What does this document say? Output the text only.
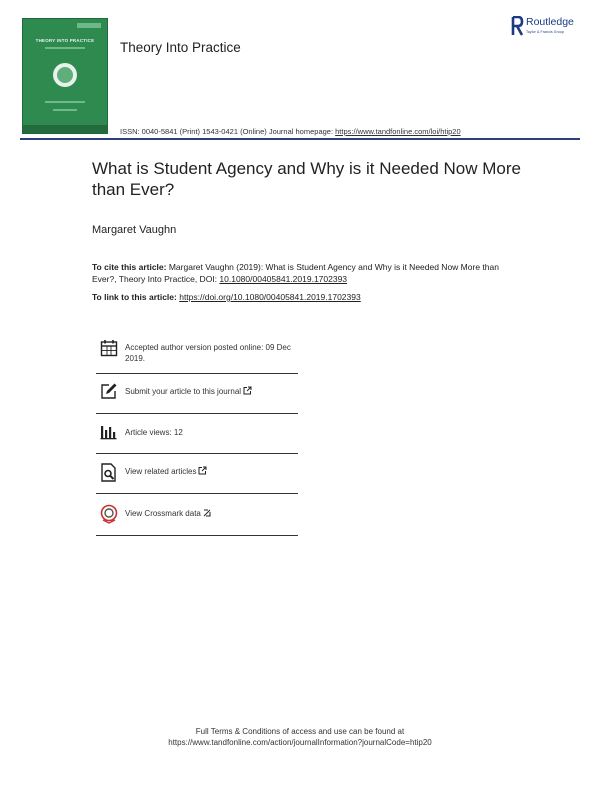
THEORY INTO PRACTICE	Theory Into Practice
Routledge
Taylor & Francis Group
ISSN: 0040-5841 (Print) 1543-0421 (Online) Journal homepage: https://www.tandfonline.com/loi/htip20
What is Student Agency and Why is it Needed Now More than Ever?
Margaret Vaughn
To cite this article: Margaret Vaughn (2019): What is Student Agency and Why is it Needed Now More than Ever?, Theory Into Practice, DOI: 10.1080/00405841.2019.1702393
To link to this article: https://doi.org/10.1080/00405841.2019.1702393
Accepted author version posted online: 09 Dec 2019.
Submit your article to this journal
Article views: 12
View related articles
View Crossmark data
Full Terms & Conditions of access and use can be found at
https://www.tandfonline.com/action/journalInformation?journalCode=htip20
